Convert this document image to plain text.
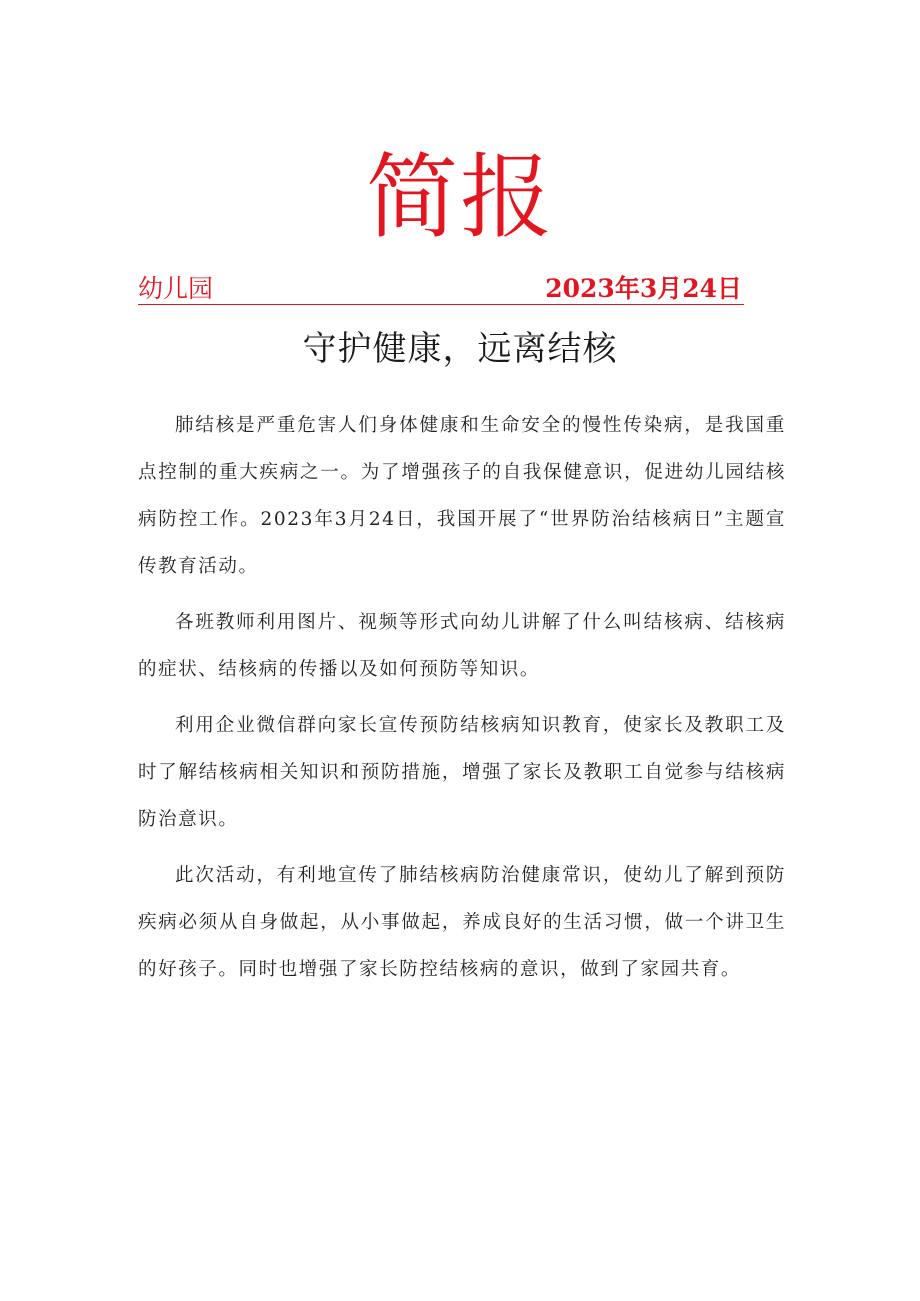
简报
幼儿园	2023年3月24日
守护健康，远离结核

肺结核是严重危害人们身体健康和生命安全的慢性传染病，是我国重点控制的重大疾病之一。为了增强孩子的自我保健意识，促进幼儿园结核病防控工作。2023年3月24日，我国开展了“世界防治结核病日”主题宣传教育活动。

各班教师利用图片、视频等形式向幼儿讲解了什么叫结核病、结核病的症状、结核病的传播以及如何预防等知识。

利用企业微信群向家长宣传预防结核病知识教育，使家长及教职工及时了解结核病相关知识和预防措施，增强了家长及教职工自觉参与结核病防治意识。

此次活动，有利地宣传了肺结核病防治健康常识，使幼儿了解到预防疾病必须从自身做起，从小事做起，养成良好的生活习惯，做一个讲卫生的好孩子。同时也增强了家长防控结核病的意识，做到了家园共育。
